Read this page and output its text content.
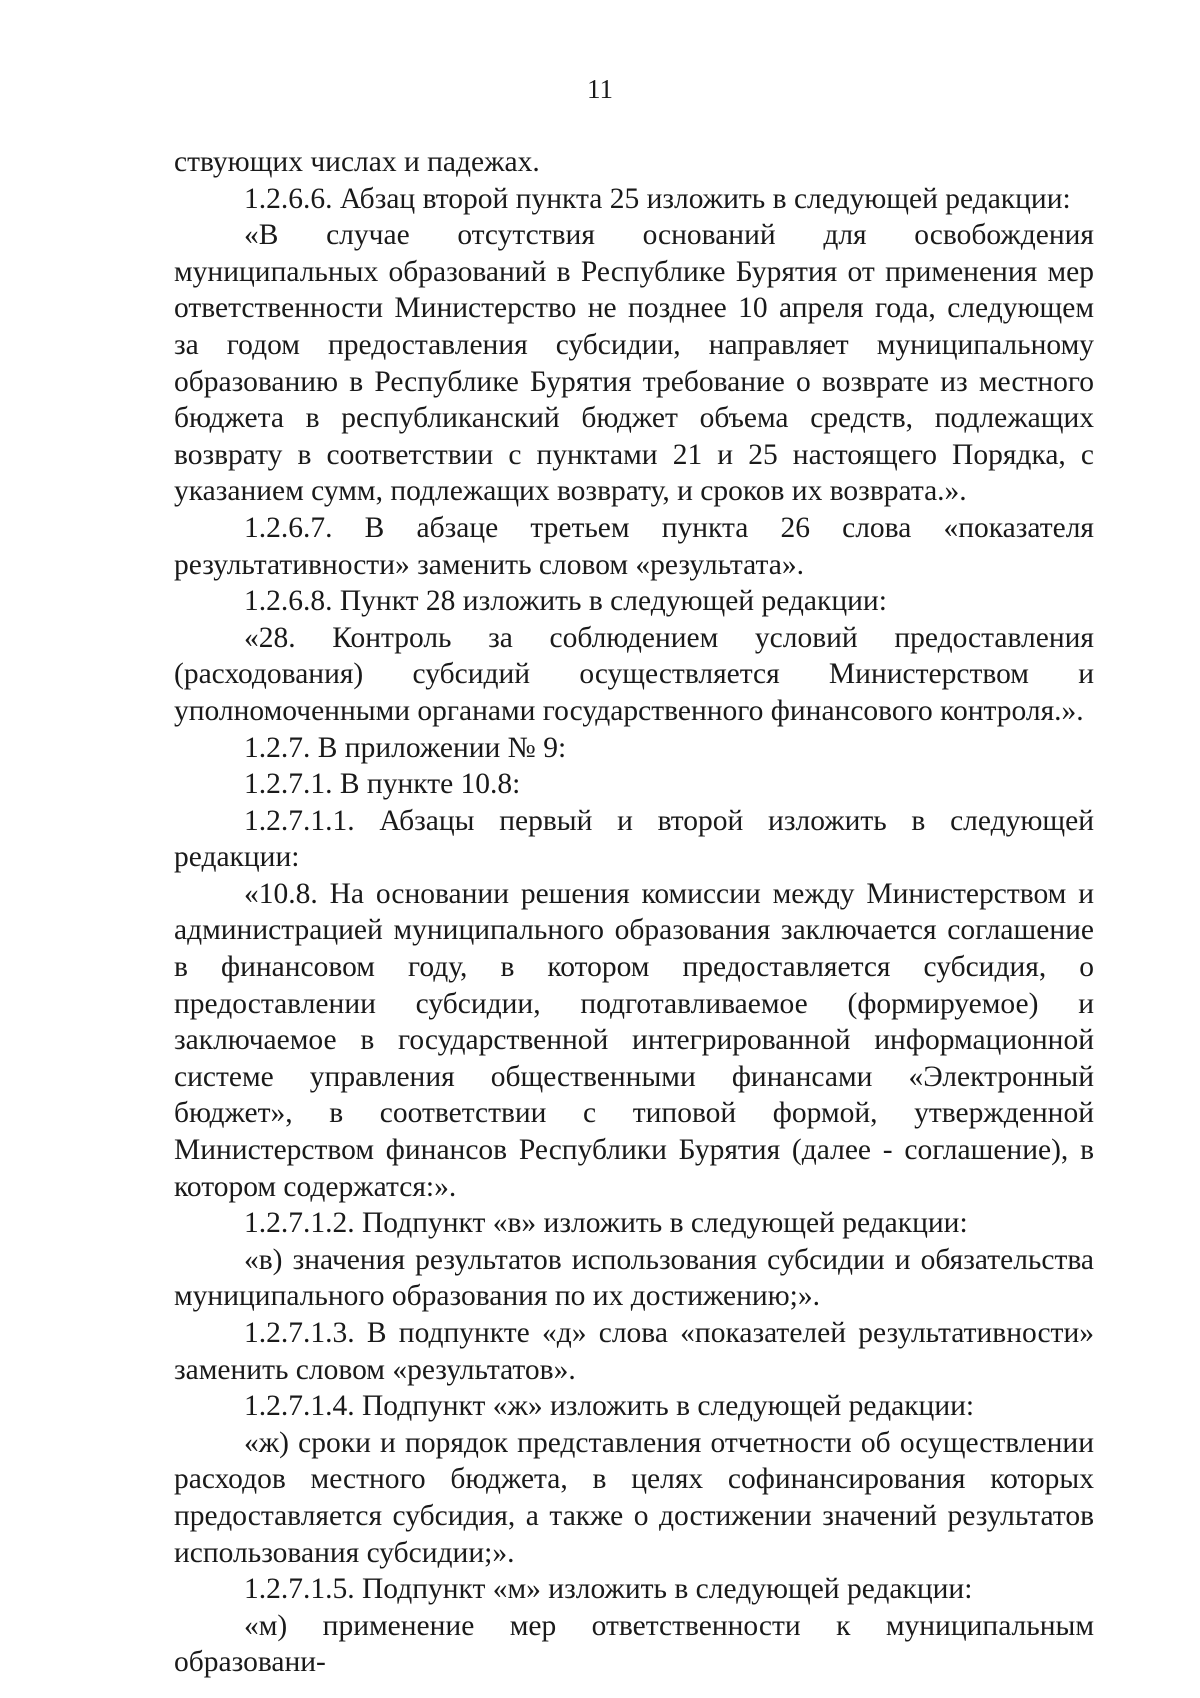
11

ствующих числах и падежах.

1.2.6.6. Абзац второй пункта 25 изложить в следующей редакции:

«В случае отсутствия оснований для освобождения муниципальных образований в Республике Бурятия от применения мер ответственности Министерство не позднее 10 апреля года, следующем за годом предоставления субсидии, направляет муниципальному образованию в Республике Бурятия требование о возврате из местного бюджета в республиканский бюджет объема средств, подлежащих возврату в соответствии с пунктами 21 и 25 настоящего Порядка, с указанием сумм, подлежащих возврату, и сроков их возврата.».

1.2.6.7. В абзаце третьем пункта 26 слова «показателя результативности» заменить словом «результата».

1.2.6.8. Пункт 28 изложить в следующей редакции:

«28. Контроль за соблюдением условий предоставления (расходования) субсидий осуществляется Министерством и уполномоченными органами государственного финансового контроля.».

1.2.7. В приложении № 9:

1.2.7.1. В пункте 10.8:

1.2.7.1.1. Абзацы первый и второй изложить в следующей редакции:

«10.8. На основании решения комиссии между Министерством и администрацией муниципального образования заключается соглашение в финансовом году, в котором предоставляется субсидия, о предоставлении субсидии, подготавливаемое (формируемое) и заключаемое в государственной интегрированной информационной системе управления общественными финансами «Электронный бюджет», в соответствии с типовой формой, утвержденной Министерством финансов Республики Бурятия (далее - соглашение), в котором содержатся:».

1.2.7.1.2. Подпункт «в» изложить в следующей редакции:

«в) значения результатов использования субсидии и обязательства муниципального образования по их достижению;».

1.2.7.1.3. В подпункте «д» слова «показателей результативности» заменить словом «результатов».

1.2.7.1.4. Подпункт «ж» изложить в следующей редакции:

«ж) сроки и порядок представления отчетности об осуществлении расходов местного бюджета, в целях софинансирования которых предоставляется субсидия, а также о достижении значений результатов использования субсидии;».

1.2.7.1.5. Подпункт «м» изложить в следующей редакции:

«м) применение мер ответственности к муниципальным образовани-
